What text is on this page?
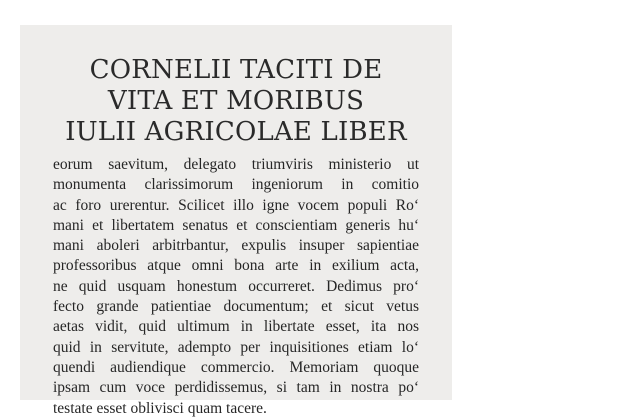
CORNELII TACITI DE
VITA ET MORIBUS
IULII AGRICOLAE LIBER
eorum saevitum, delegato triumviris ministerio ut
monumenta clarissimorum ingeniorum in comitio
ac foro urerentur. Scilicet illo igne vocem populi Ro‘
mani et libertatem senatus et conscientiam generis hu‘
mani aboleri arbitrbantur, expulis insuper sapientiae
professoribus atque omni bona arte in exilium acta,
ne quid usquam honestum occurreret. Dedimus pro‘
fecto grande patientiae documentum; et sicut vetus
aetas vidit, quid ultimum in libertate esset, ita nos
quid in servitute, adempto per inquisitiones etiam lo‘
quendi audiendique commercio. Memoriam quoque
ipsam cum voce perdidissemus, si tam in nostra po‘
testate esset oblivisci quam tacere.
